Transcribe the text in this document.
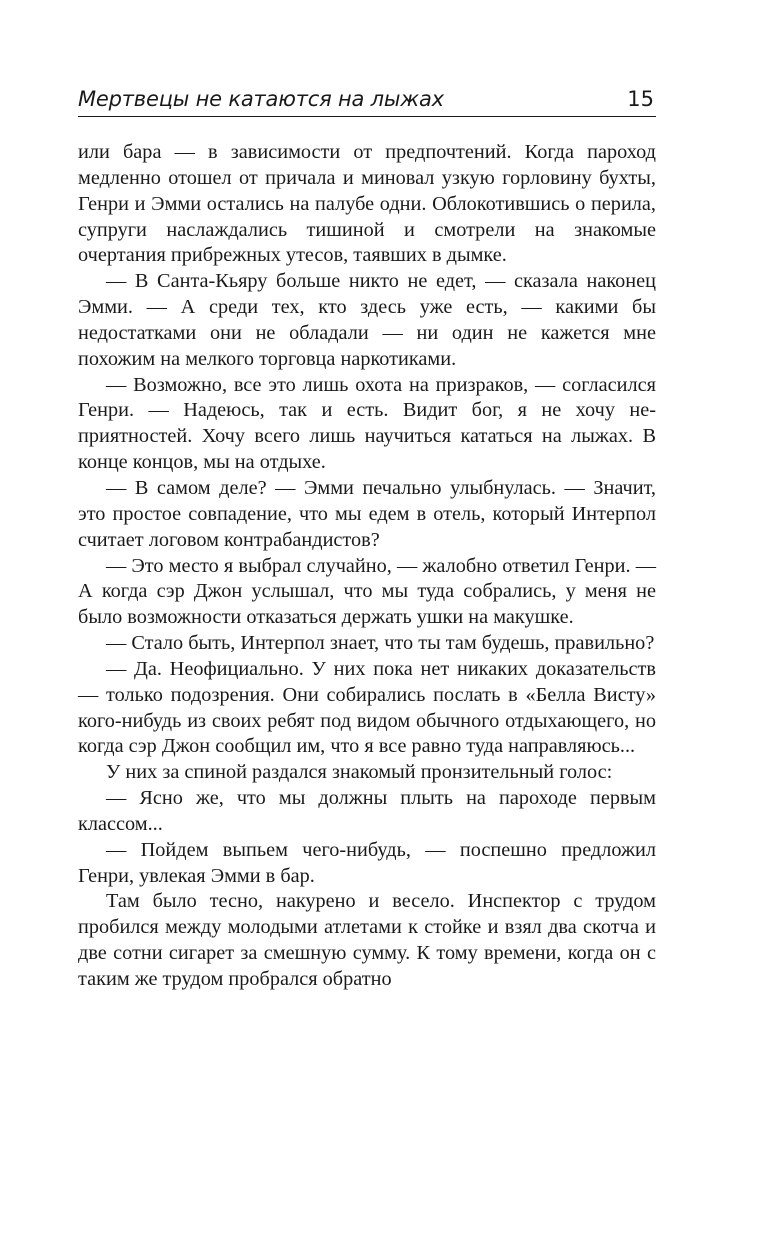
Мертвецы не катаются на лыжах	15

или бара — в зависимости от предпочтений. Когда пароход медленно отошел от причала и миновал узкую горловину бухты, Генри и Эмми остались на палубе одни. Облокотившись о перила, супруги наслаждались тишиной и смотрели на знакомые очертания прибрежных утесов, таявших в дымке.

— В Санта-Кьяру больше никто не едет, — сказала наконец Эмми. — А среди тех, кто здесь уже есть, — какими бы недостатками они не обладали — ни один не кажется мне похожим на мелкого торговца наркотиками.

— Возможно, все это лишь охота на призраков, — согласился Генри. — Надеюсь, так и есть. Видит бог, я не хочу неприятностей. Хочу всего лишь научиться кататься на лыжах. В конце концов, мы на отдыхе.

— В самом деле? — Эмми печально улыбнулась. — Значит, это простое совпадение, что мы едем в отель, который Интерпол считает логовом контрабандистов?

— Это место я выбрал случайно, — жалобно ответил Генри. — А когда сэр Джон услышал, что мы туда собрались, у меня не было возможности отказаться держать ушки на макушке.

— Стало быть, Интерпол знает, что ты там будешь, правильно?

— Да. Неофициально. У них пока нет никаких доказательств — только подозрения. Они собирались послать в «Белла Висту» кого-нибудь из своих ребят под видом обычного отдыхающего, но когда сэр Джон сообщил им, что я все равно туда направляюсь...

У них за спиной раздался знакомый пронзительный голос:

— Ясно же, что мы должны плыть на пароходе первым классом...

— Пойдем выпьем чего-нибудь, — поспешно предложил Генри, увлекая Эмми в бар.

Там было тесно, накурено и весело. Инспектор с трудом пробился между молодыми атлетами к стойке и взял два скотча и две сотни сигарет за смешную сумму. К тому времени, когда он с таким же трудом пробрался обратно
